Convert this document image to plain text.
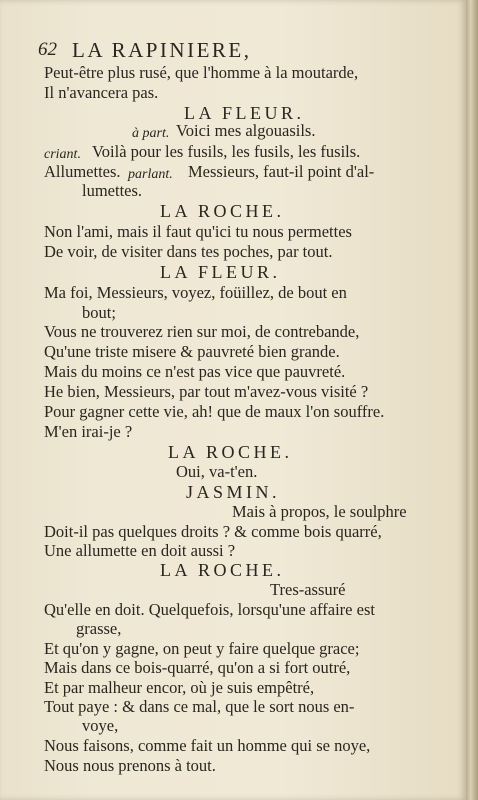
62 LA RAPINIERE,
Peut-être plus rusé, que l'homme à la moutarde,
Il n'avancera pas.
LA FLEUR.
à part. Voici mes algouasils.
criant. Voilà pour les fusils, les fusils, les fusils.
Allumettes. parlant. Messieurs, faut-il point d'al-
lumettes.
LA ROCHE.
Non l'ami, mais il faut qu'ici tu nous permettes
De voir, de visiter dans tes poches, par tout.
LA FLEUR.
Ma foi, Messieurs, voyez, foüillez, de bout en
bout;
Vous ne trouverez rien sur moi, de contrebande,
Qu'une triste misere & pauvreté bien grande.
Mais du moins ce n'est pas vice que pauvreté.
He bien, Messieurs, par tout m'avez-vous visité ?
Pour gagner cette vie, ah! que de maux l'on souffre.
M'en irai-je ?
LA ROCHE.
Oui, va-t'en.
JASMIN.
Mais à propos, le soulphre
Doit-il pas quelques droits ? & comme bois quarré,
Une allumette en doit aussi ?
LA ROCHE.
Tres-assuré
Qu'elle en doit. Quelquefois, lorsqu'une affaire est
grasse,
Et qu'on y gagne, on peut y faire quelque grace;
Mais dans ce bois-quarré, qu'on a si fort outré,
Et par malheur encor, où je suis empêtré,
Tout paye : & dans ce mal, que le sort nous en-
voye,
Nous faisons, comme fait un homme qui se noye,
Nous nous prenons à tout.
